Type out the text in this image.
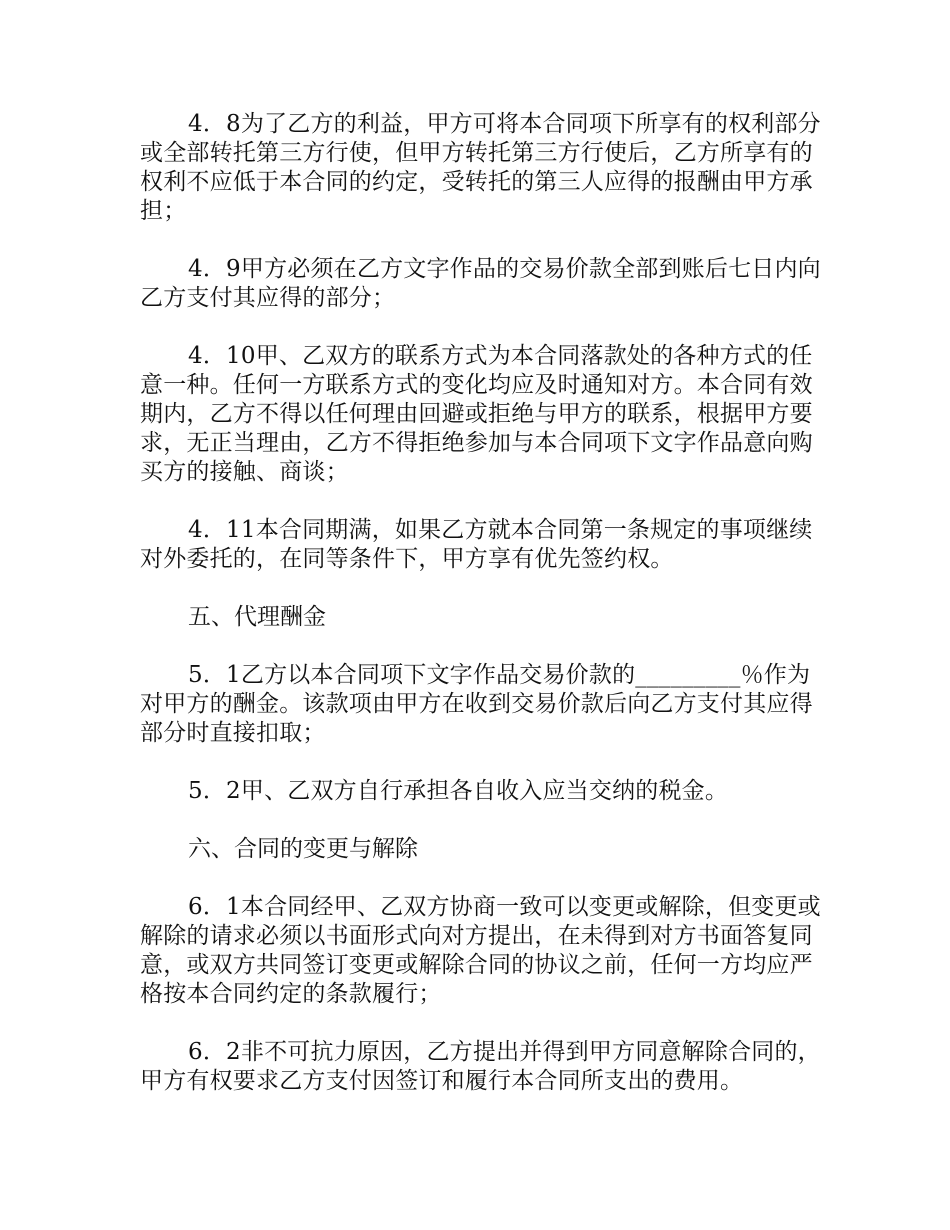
4．8为了乙方的利益，甲方可将本合同项下所享有的权利部分或全部转托第三方行使，但甲方转托第三方行使后，乙方所享有的权利不应低于本合同的约定，受转托的第三人应得的报酬由甲方承担；

4．9甲方必须在乙方文字作品的交易价款全部到账后七日内向乙方支付其应得的部分；

4．10甲、乙双方的联系方式为本合同落款处的各种方式的任意一种。任何一方联系方式的变化均应及时通知对方。本合同有效期内，乙方不得以任何理由回避或拒绝与甲方的联系，根据甲方要求，无正当理由，乙方不得拒绝参加与本合同项下文字作品意向购买方的接触、商谈；

4．11本合同期满，如果乙方就本合同第一条规定的事项继续对外委托的，在同等条件下，甲方享有优先签约权。

五、代理酬金

5．1乙方以本合同项下文字作品交易价款的_________％作为对甲方的酬金。该款项由甲方在收到交易价款后向乙方支付其应得部分时直接扣取；

5．2甲、乙双方自行承担各自收入应当交纳的税金。

六、合同的变更与解除

6．1本合同经甲、乙双方协商一致可以变更或解除，但变更或解除的请求必须以书面形式向对方提出，在未得到对方书面答复同意，或双方共同签订变更或解除合同的协议之前，任何一方均应严格按本合同约定的条款履行；

6．2非不可抗力原因，乙方提出并得到甲方同意解除合同的，甲方有权要求乙方支付因签订和履行本合同所支出的费用。
